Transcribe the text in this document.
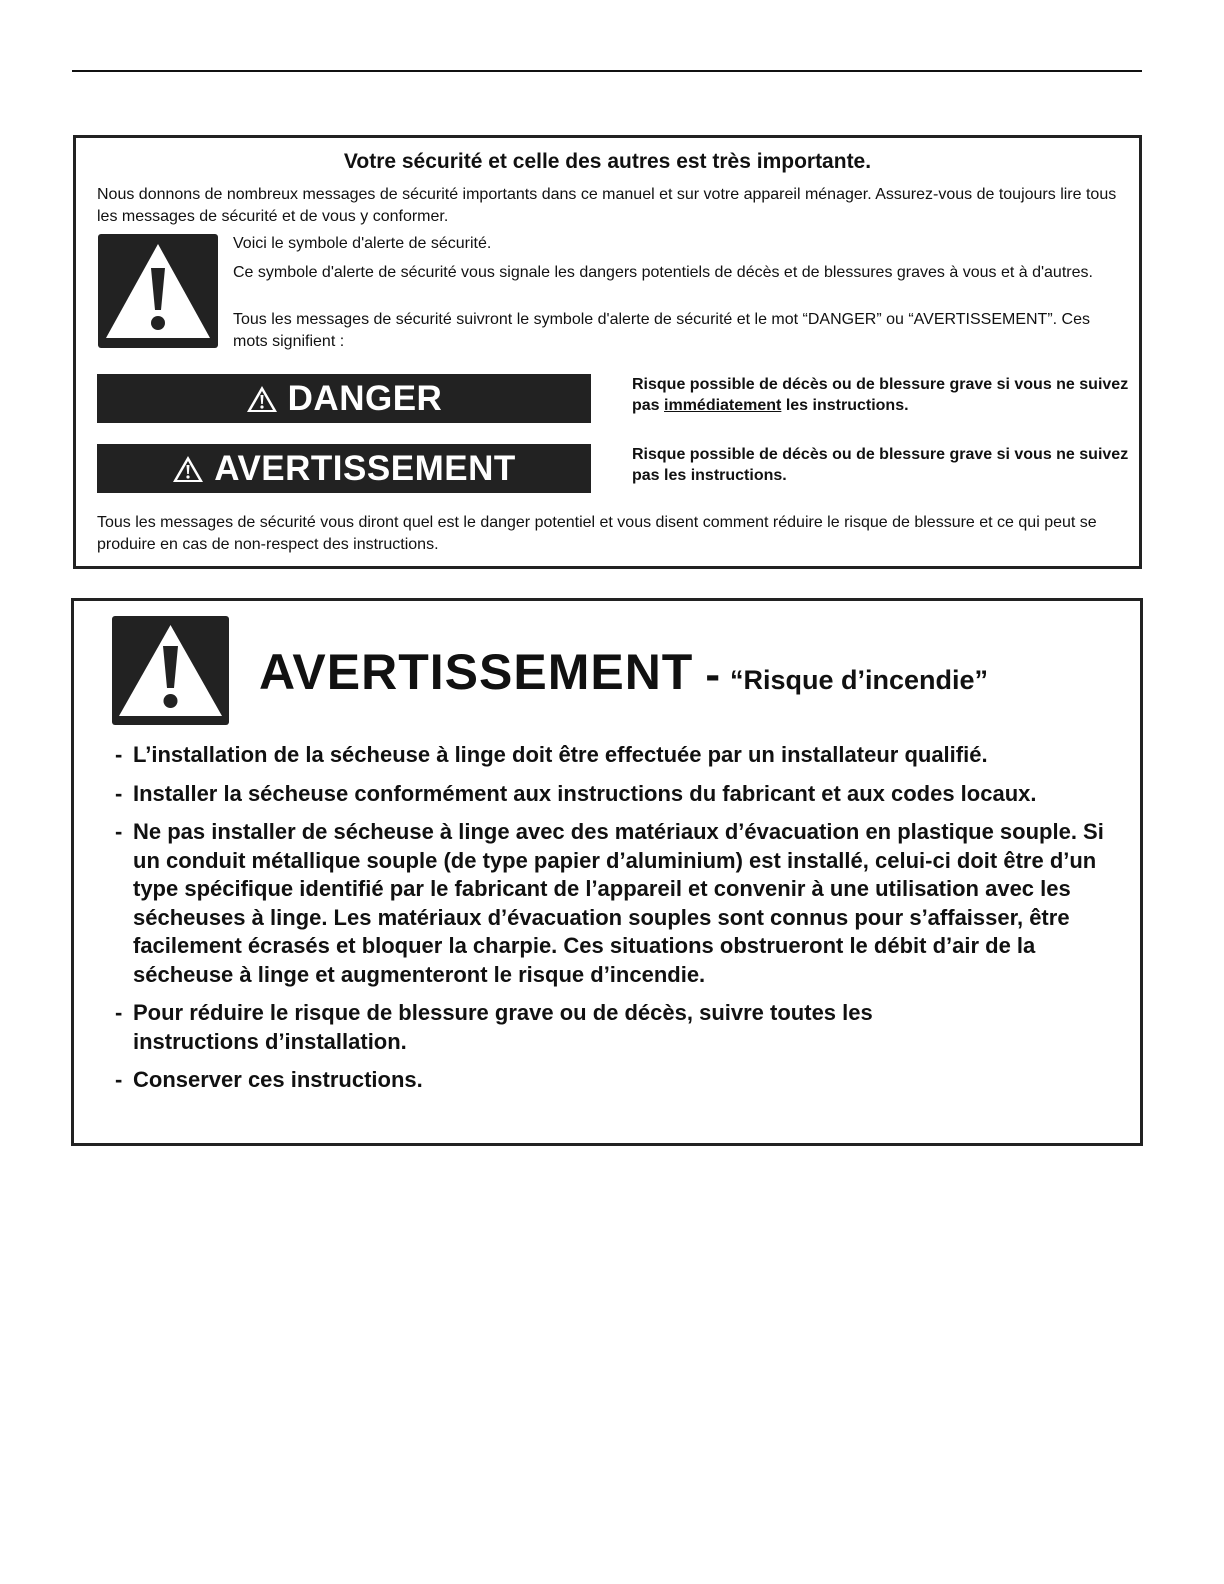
Votre sécurité et celle des autres est très importante.
Nous donnons de nombreux messages de sécurité importants dans ce manuel et sur votre appareil ménager. Assurez-vous de toujours lire tous les messages de sécurité et de vous y conformer.
Voici le symbole d'alerte de sécurité.
Ce symbole d'alerte de sécurité vous signale les dangers potentiels de décès et de blessures graves à vous et à d'autres.
Tous les messages de sécurité suivront le symbole d'alerte de sécurité et le mot “DANGER” ou “AVERTISSEMENT”. Ces mots signifient :
DANGER	Risque possible de décès ou de blessure grave si vous ne suivez pas immédiatement les instructions.
AVERTISSEMENT	Risque possible de décès ou de blessure grave si vous ne suivez pas les instructions.
Tous les messages de sécurité vous diront quel est le danger potentiel et vous disent comment réduire le risque de blessure et ce qui peut se produire en cas de non-respect des instructions.
AVERTISSEMENT - “Risque d’incendie”
- L’installation de la sécheuse à linge doit être effectuée par un installateur qualifié.
- Installer la sécheuse conformément aux instructions du fabricant et aux codes locaux.
- Ne pas installer de sécheuse à linge avec des matériaux d’évacuation en plastique souple. Si un conduit métallique souple (de type papier d’aluminium) est installé, celui-ci doit être d’un type spécifique identifié par le fabricant de l’appareil et convenir à une utilisation avec les sécheuses à linge. Les matériaux d’évacuation souples sont connus pour s’affaisser, être facilement écrasés et bloquer la charpie. Ces situations obstrueront le débit d’air de la sécheuse à linge et augmenteront le risque d’incendie.
- Pour réduire le risque de blessure grave ou de décès, suivre toutes les instructions d’installation.
- Conserver ces instructions.
